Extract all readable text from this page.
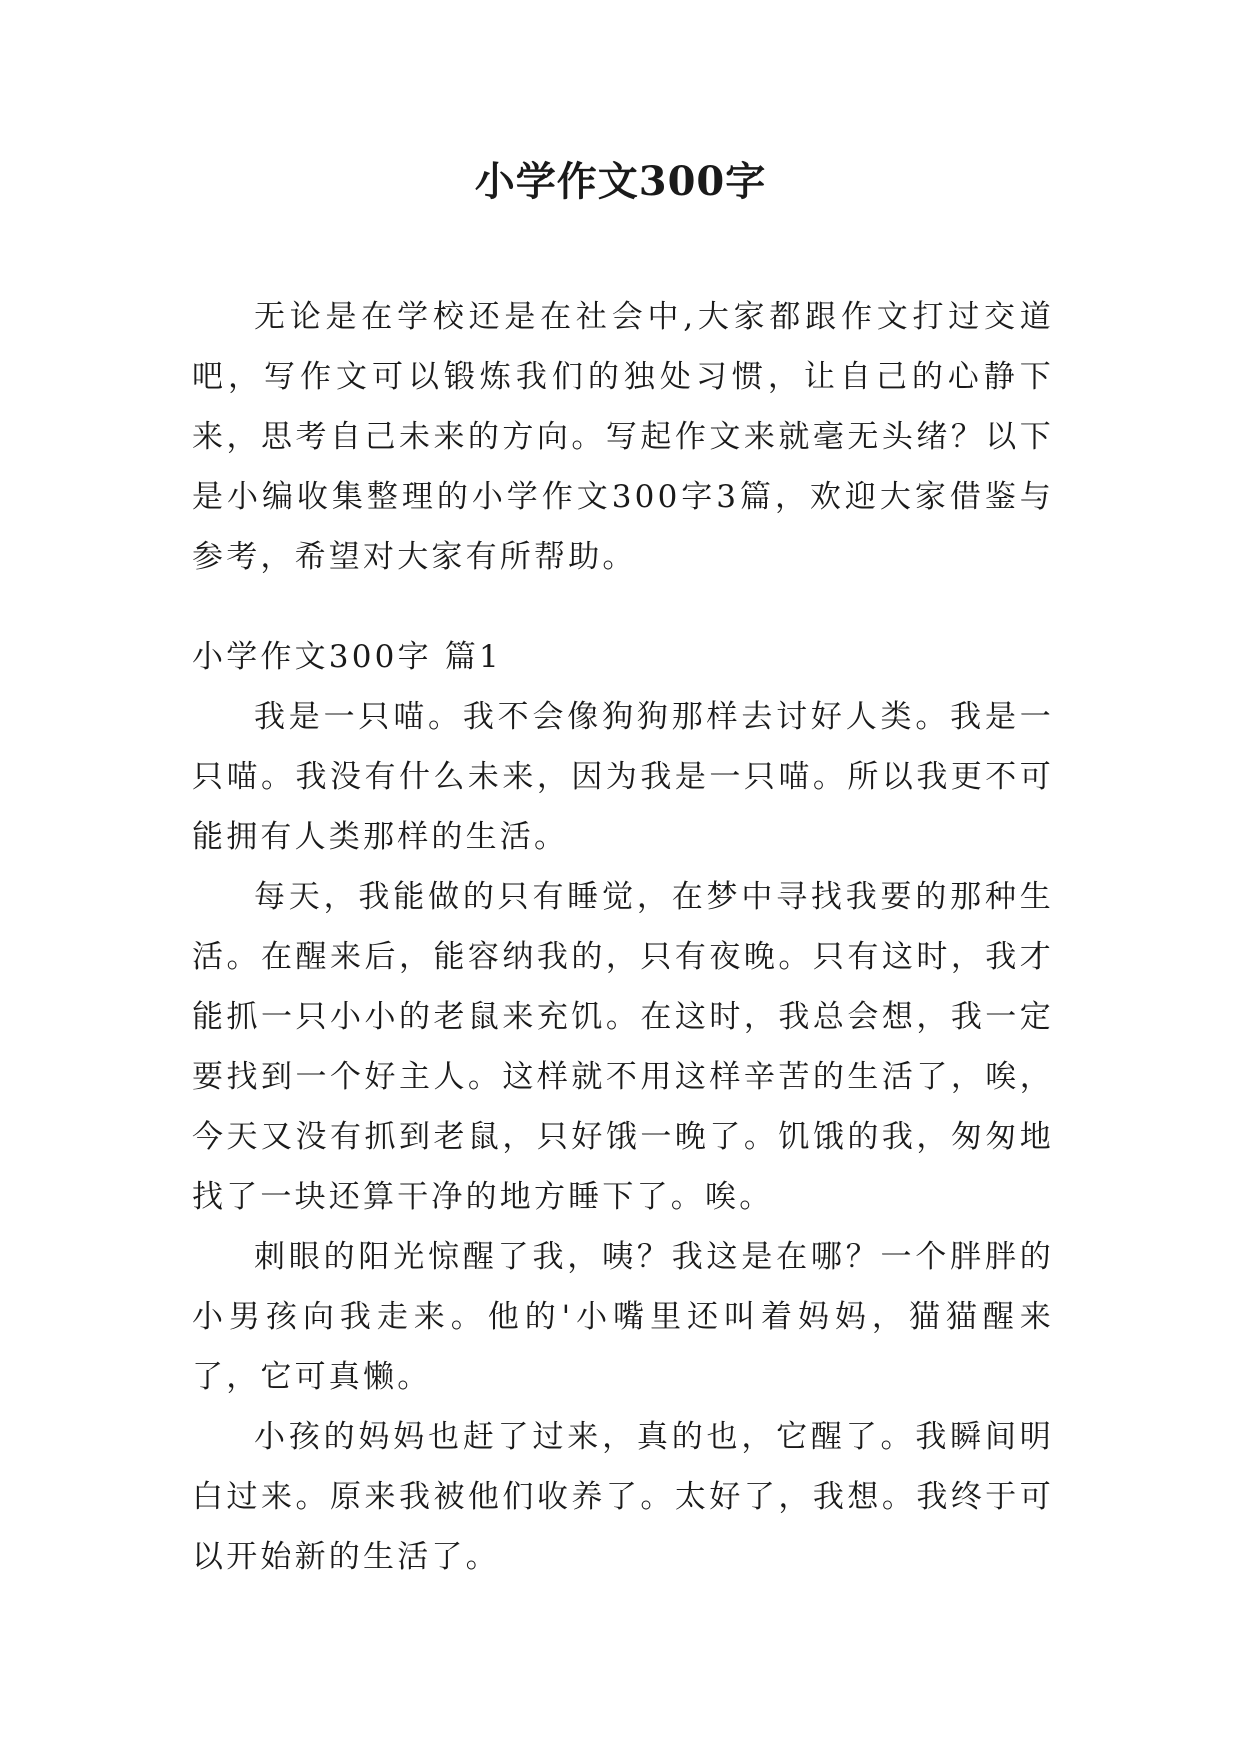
小学作文300字

无论是在学校还是在社会中,大家都跟作文打过交道吧，写作文可以锻炼我们的独处习惯，让自己的心静下来，思考自己未来的方向。写起作文来就毫无头绪？以下是小编收集整理的小学作文300字3篇，欢迎大家借鉴与参考，希望对大家有所帮助。

小学作文300字 篇1

我是一只喵。我不会像狗狗那样去讨好人类。我是一只喵。我没有什么未来，因为我是一只喵。所以我更不可能拥有人类那样的生活。

每天，我能做的只有睡觉，在梦中寻找我要的那种生活。在醒来后，能容纳我的，只有夜晚。只有这时，我才能抓一只小小的老鼠来充饥。在这时，我总会想，我一定要找到一个好主人。这样就不用这样辛苦的生活了，唉，今天又没有抓到老鼠，只好饿一晚了。饥饿的我，匆匆地找了一块还算干净的地方睡下了。唉。

刺眼的阳光惊醒了我，咦？我这是在哪？一个胖胖的小男孩向我走来。他的'小嘴里还叫着妈妈，猫猫醒来了，它可真懒。

小孩的妈妈也赶了过来，真的也，它醒了。我瞬间明白过来。原来我被他们收养了。太好了，我想。我终于可以开始新的生活了。
